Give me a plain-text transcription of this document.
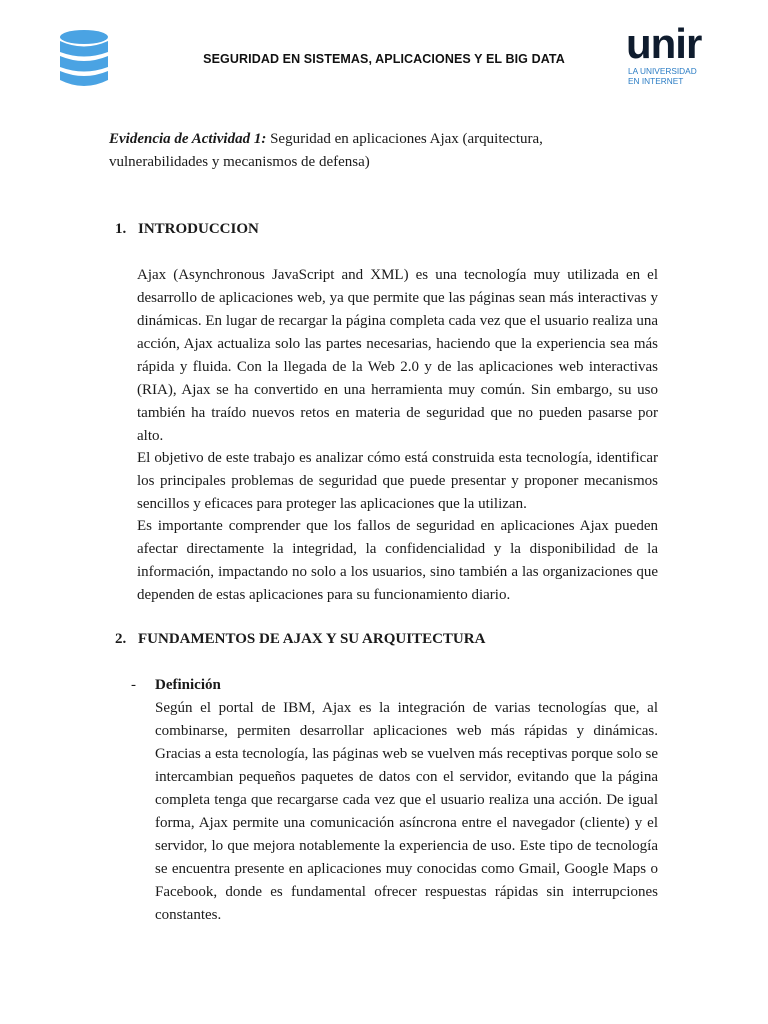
SEGURIDAD EN SISTEMAS, APLICACIONES Y EL BIG DATA	unir
LA UNIVERSIDAD
EN INTERNET
Evidencia de Actividad 1: Seguridad en aplicaciones Ajax (arquitectura, vulnerabilidades y mecanismos de defensa)
1. INTRODUCCION

Ajax (Asynchronous JavaScript and XML) es una tecnología muy utilizada en el desarrollo de aplicaciones web, ya que permite que las páginas sean más interactivas y dinámicas. En lugar de recargar la página completa cada vez que el usuario realiza una acción, Ajax actualiza solo las partes necesarias, haciendo que la experiencia sea más rápida y fluida. Con la llegada de la Web 2.0 y de las aplicaciones web interactivas (RIA), Ajax se ha convertido en una herramienta muy común. Sin embargo, su uso también ha traído nuevos retos en materia de seguridad que no pueden pasarse por alto.

El objetivo de este trabajo es analizar cómo está construida esta tecnología, identificar los principales problemas de seguridad que puede presentar y proponer mecanismos sencillos y eficaces para proteger las aplicaciones que la utilizan.

Es importante comprender que los fallos de seguridad en aplicaciones Ajax pueden afectar directamente la integridad, la confidencialidad y la disponibilidad de la información, impactando no solo a los usuarios, sino también a las organizaciones que dependen de estas aplicaciones para su funcionamiento diario.

2. FUNDAMENTOS DE AJAX Y SU ARQUITECTURA
- Definición

Según el portal de IBM, Ajax es la integración de varias tecnologías que, al combinarse, permiten desarrollar aplicaciones web más rápidas y dinámicas. Gracias a esta tecnología, las páginas web se vuelven más receptivas porque solo se intercambian pequeños paquetes de datos con el servidor, evitando que la página completa tenga que recargarse cada vez que el usuario realiza una acción. De igual forma, Ajax permite una comunicación asíncrona entre el navegador (cliente) y el servidor, lo que mejora notablemente la experiencia de uso. Este tipo de tecnología se encuentra presente en aplicaciones muy conocidas como Gmail, Google Maps o Facebook, donde es fundamental ofrecer respuestas rápidas sin interrupciones constantes.
